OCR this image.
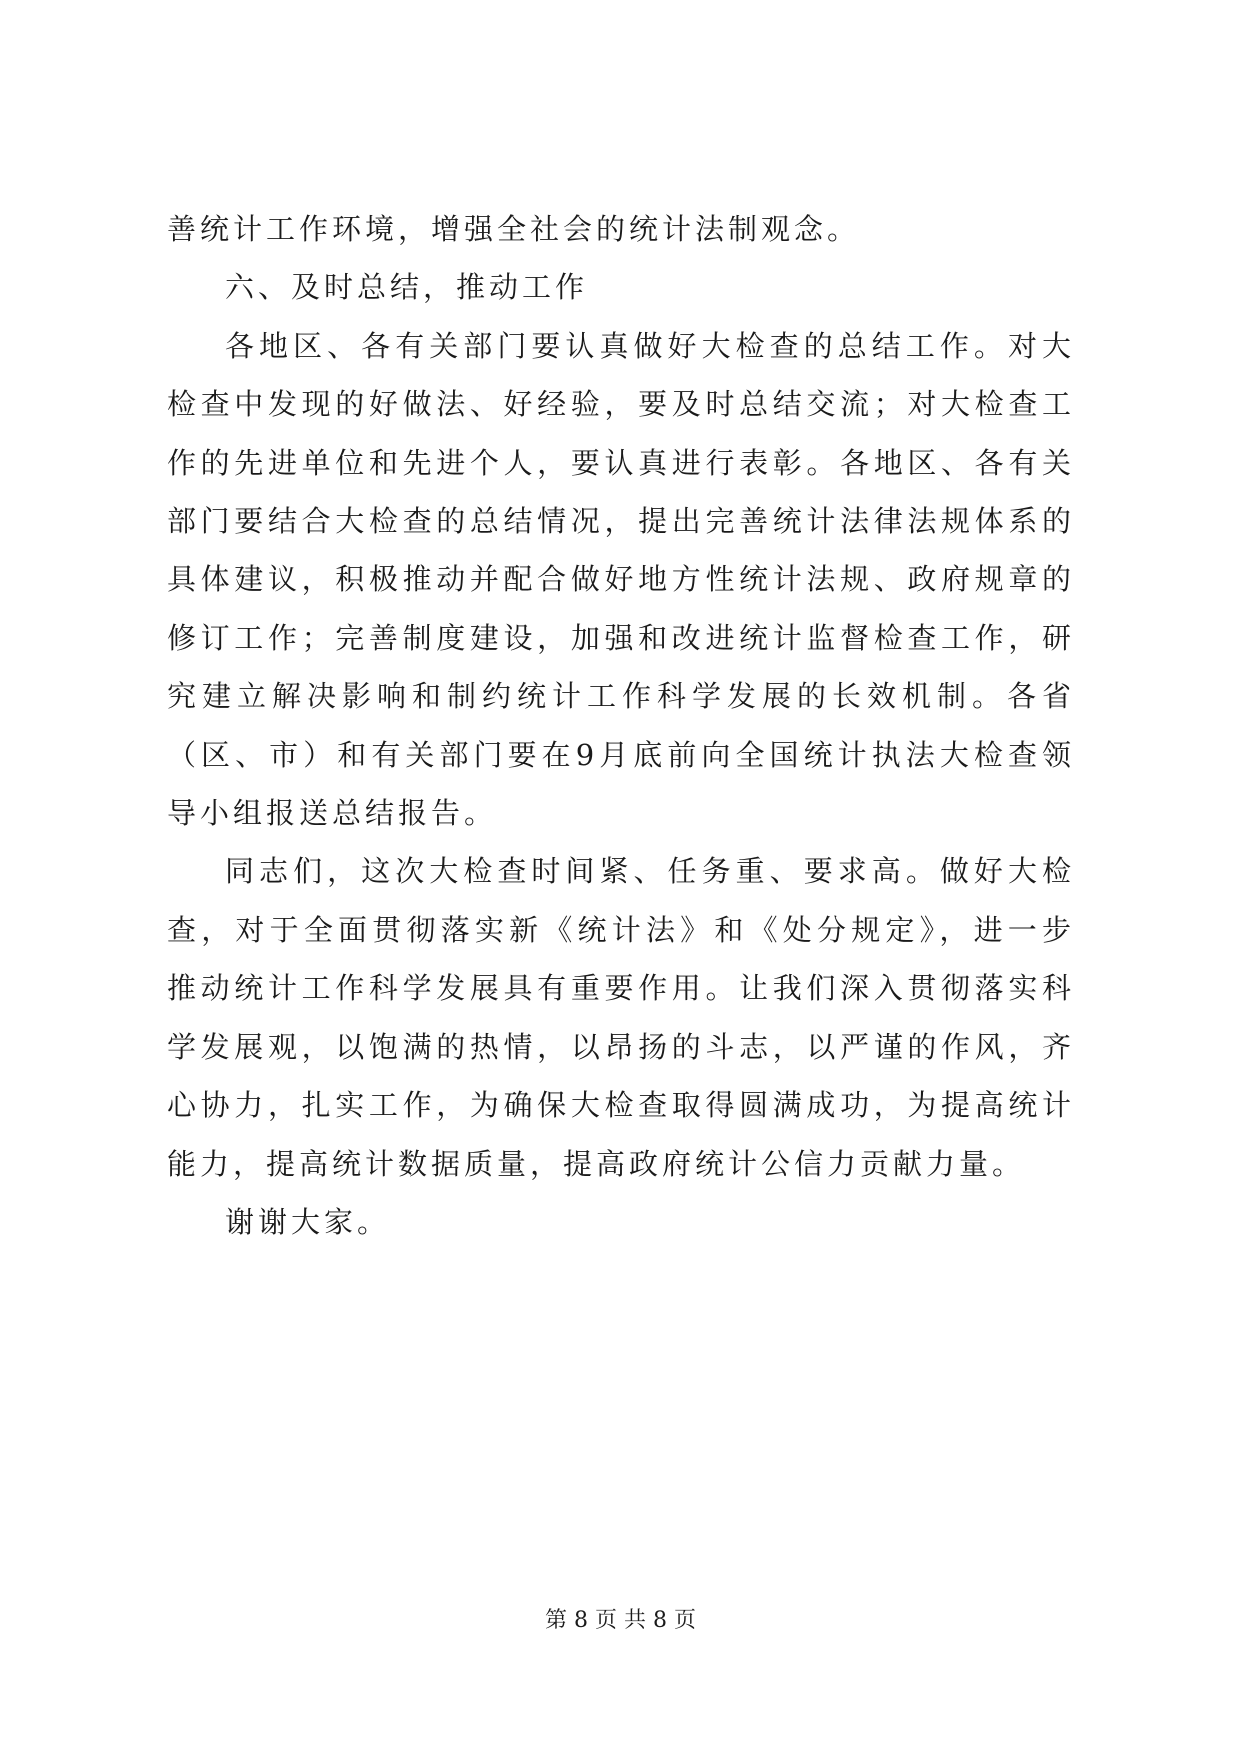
善统计工作环境，增强全社会的统计法制观念。

六、及时总结，推动工作

各地区、各有关部门要认真做好大检查的总结工作。对大检查中发现的好做法、好经验，要及时总结交流；对大检查工作的先进单位和先进个人，要认真进行表彰。各地区、各有关部门要结合大检查的总结情况，提出完善统计法律法规体系的具体建议，积极推动并配合做好地方性统计法规、政府规章的修订工作；完善制度建设，加强和改进统计监督检查工作，研究建立解决影响和制约统计工作科学发展的长效机制。各省（区、市）和有关部门要在9月底前向全国统计执法大检查领导小组报送总结报告。

同志们，这次大检查时间紧、任务重、要求高。做好大检查，对于全面贯彻落实新《统计法》和《处分规定》，进一步推动统计工作科学发展具有重要作用。让我们深入贯彻落实科学发展观，以饱满的热情，以昂扬的斗志，以严谨的作风，齐心协力，扎实工作，为确保大检查取得圆满成功，为提高统计能力，提高统计数据质量，提高政府统计公信力贡献力量。

谢谢大家。

第 8 页 共 8 页
